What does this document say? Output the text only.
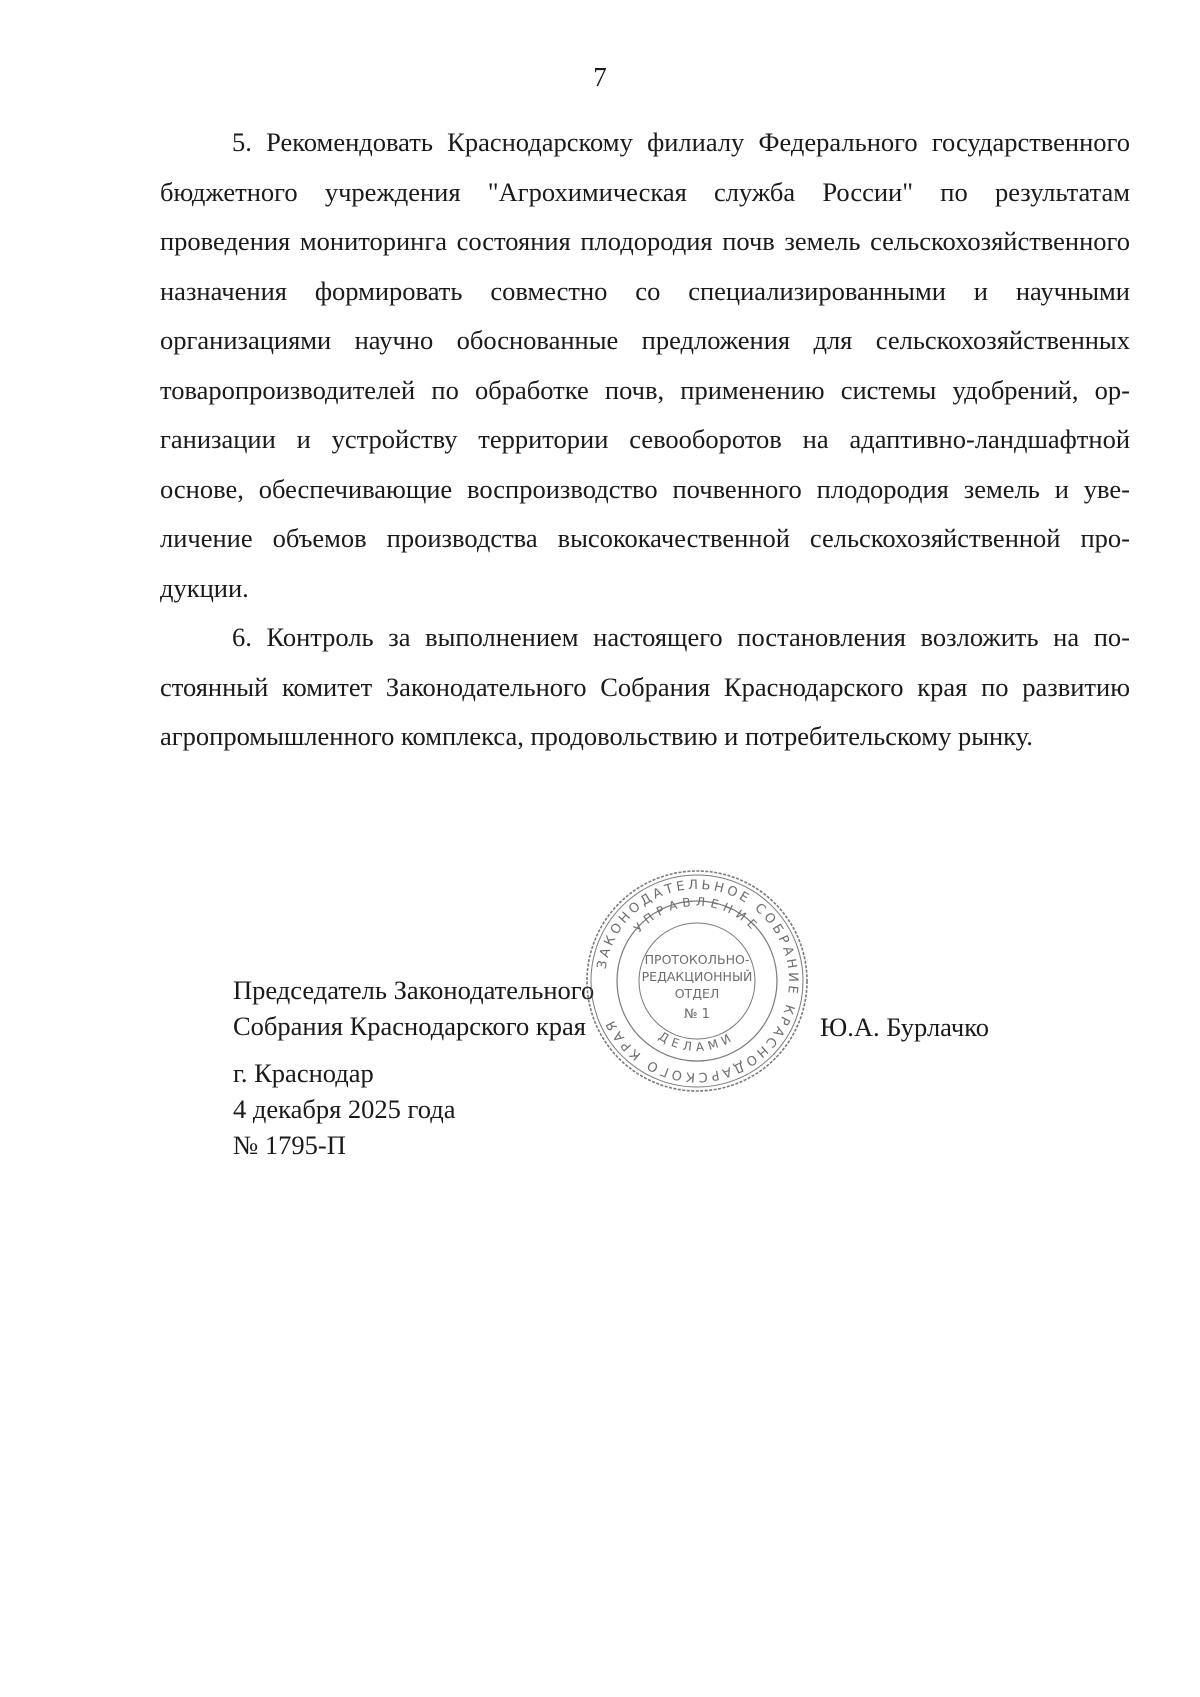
7

5. Рекомендовать Краснодарскому филиалу Федерального государственного бюджетного учреждения "Агрохимическая служба России" по результатам проведения мониторинга состояния плодородия почв земель сельскохозяйственного назначения формировать совместно со специализированными и научными организациями научно обоснованные предложения для сельскохозяйственных товаропроизводителей по обработке почв, применению системы удобрений, организации и устройству территории севооборотов на адаптивно-ландшафтной основе, обеспечивающие воспроизводство почвенного плодородия земель и увеличение объемов производства высококачественной сельскохозяйственной продукции.

6. Контроль за выполнением настоящего постановления возложить на постоянный комитет Законодательного Собрания Краснодарского края по развитию агропромышленного комплекса, продовольствию и потребительскому рынку.

Председатель Законодательного
Собрания Краснодарского края	Ю.А. Бурлачко
г. Краснодар
4 декабря 2025 года
№ 1795-П
ЗАКОНОДАТЕЛЬНОЕ СОБРАНИЕ КРАСНОДАРСКОГО КРАЯ
УПРАВЛЕНИЕ
ДЕЛАМИ
ПРОТОКОЛЬНО-
РЕДАКЦИОННЫЙ
ОТДЕЛ
№ 1
